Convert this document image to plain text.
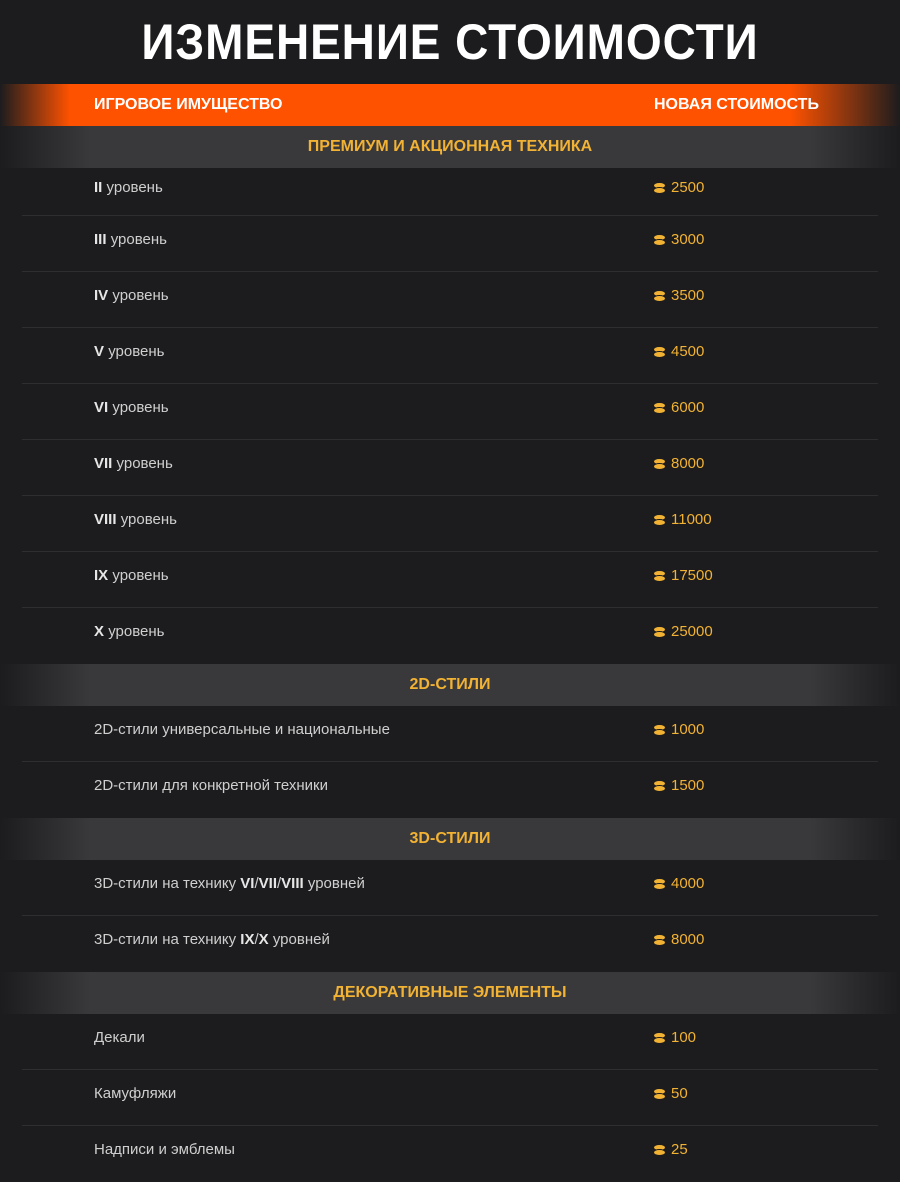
ИЗМЕНЕНИЕ СТОИМОСТИ
ИГРОВОЕ ИМУЩЕСТВО	НОВАЯ СТОИМОСТЬ
ПРЕМИУМ И АКЦИОННАЯ ТЕХНИКА
II уровень	2500
III уровень	3000
IV уровень	3500
V уровень	4500
VI уровень	6000
VII уровень	8000
VIII уровень	11000
IX уровень	17500
X уровень	25000
2D-СТИЛИ
2D-стили универсальные и национальные	1000
2D-стили для конкретной техники	1500
3D-СТИЛИ
3D-стили на технику VI/VII/VIII уровней	4000
3D-стили на технику IX/X уровней	8000
ДЕКОРАТИВНЫЕ ЭЛЕМЕНТЫ
Декали	100
Камуфляжи	50
Надписи и эмблемы	25
